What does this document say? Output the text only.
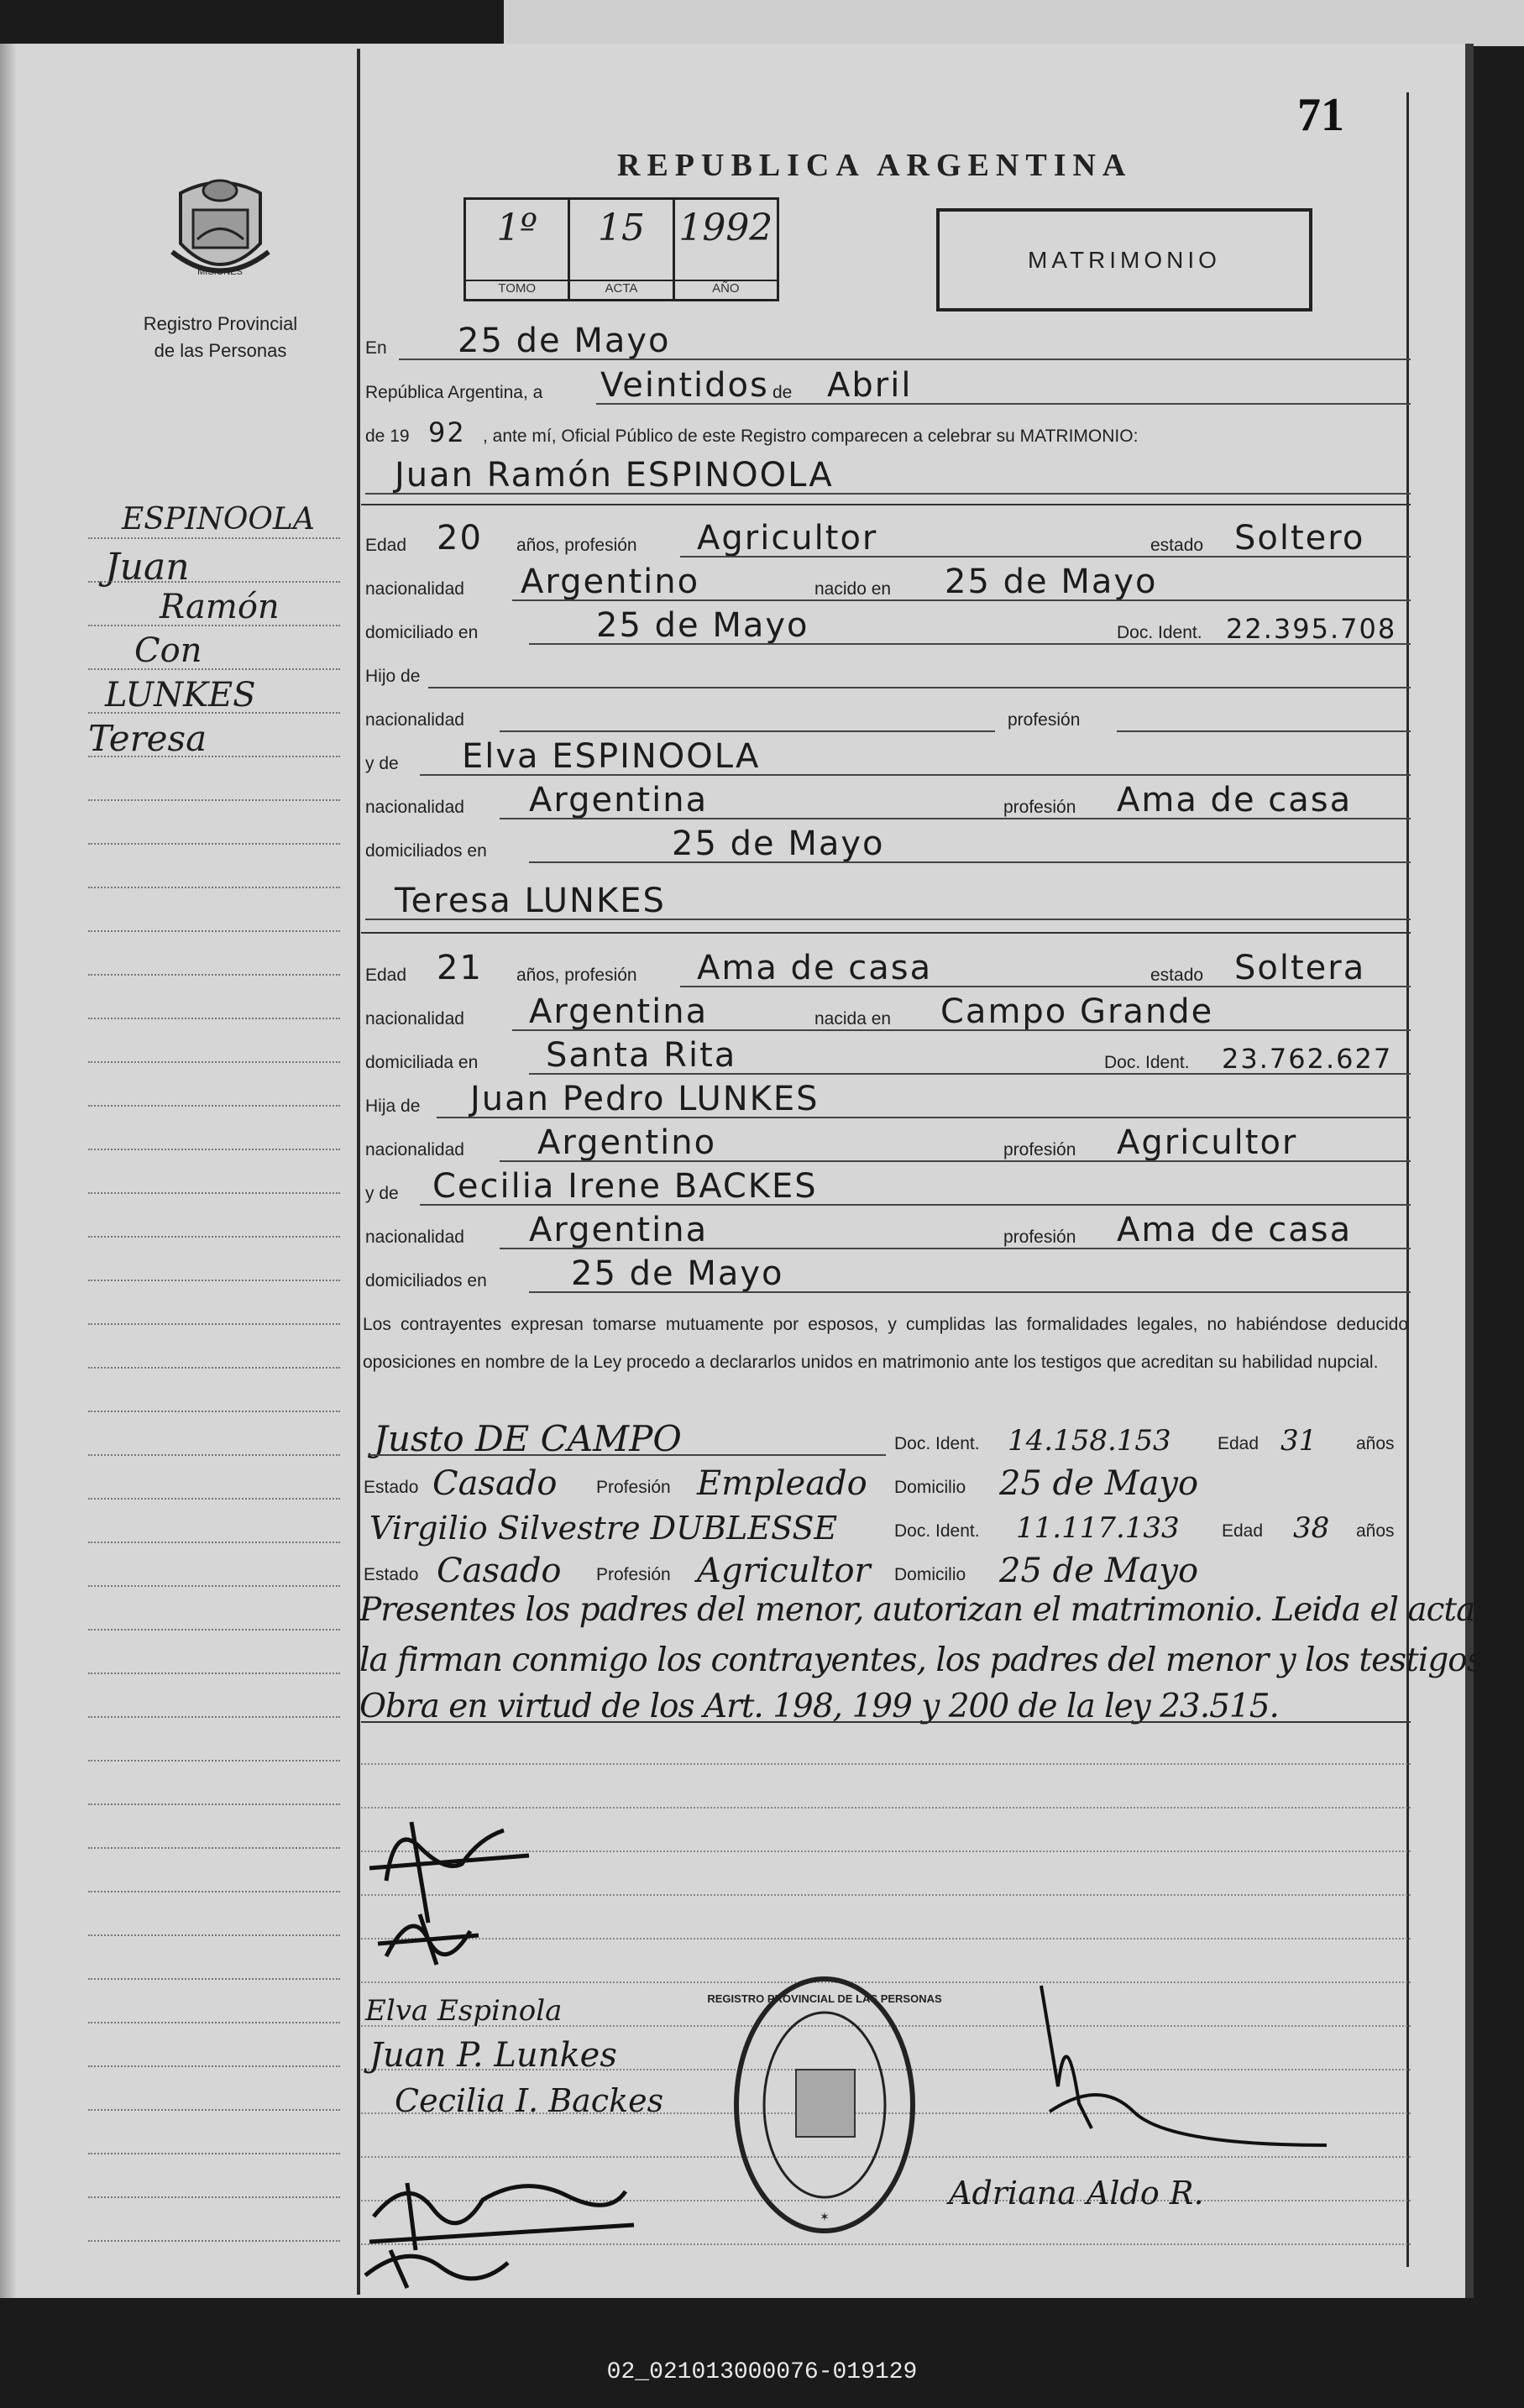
71
REPUBLICA ARGENTINA
1º
TOMO
15
ACTA
1992
AÑO
MATRIMONIO
MISIONES
Registro Provincial
de las Personas
ESPINOOLA
Juan
Ramón
Con
LUNKES
Teresa
En 25 de Mayo
República Argentina, a Veintidos de Abril
de 19 92 , ante mí, Oficial Público de este Registro comparecen a celebrar su MATRIMONIO:
Juan Ramón ESPINOOLA
Edad 20 años, profesión Agricultor	estado Soltero
nacionalidad Argentino	nacido en 25 de Mayo
domiciliado en	25 de Mayo	Doc. Ident. 22.395.708
Hijo de
nacionalidad	profesión
y de Elva ESPINOOLA
nacionalidad Argentina	profesión Ama de casa
domiciliados en	25 de Mayo
Teresa LUNKES
Edad 21 años, profesión Ama de casa	estado Soltera
nacionalidad Argentina	nacida en Campo Grande
domiciliada en Santa Rita	Doc. Ident. 23.762.627
Hija de Juan Pedro LUNKES
nacionalidad Argentino	profesión Agricultor
y de Cecilia Irene BACKES
nacionalidad Argentina	profesión Ama de casa
domiciliados en	25 de Mayo
Los contrayentes expresan tomarse mutuamente por esposos, y cumplidas las formalidades legales, no habiéndose deducido oposiciones en nombre de la Ley procedo a declararlos unidos en matrimonio ante los testigos que acreditan su habilidad nupcial.
Justo DE CAMPO	Doc. Ident. 14.158.153	Edad 31 años
Estado Casado Profesión Empleado Domicilio 25 de Mayo
Virgilio Silvestre DUBLESSE	Doc. Ident. 11.117.133 Edad 38 años
Estado Casado Profesión Agricultor Domicilio 25 de Mayo
Presentes los padres del menor, autorizan el matrimonio. Leida el acta
la firman conmigo los contrayentes, los padres del menor y los testigos.
Obra en virtud de los Art. 198, 199 y 200 de la ley 23.515.
Elva Espinola
Juan P. Lunkes
Cecilia I. Backes
REGISTRO PROVINCIAL DE LAS PERSONAS
✶
Adriana Aldo R.
02_021013000076-019129
